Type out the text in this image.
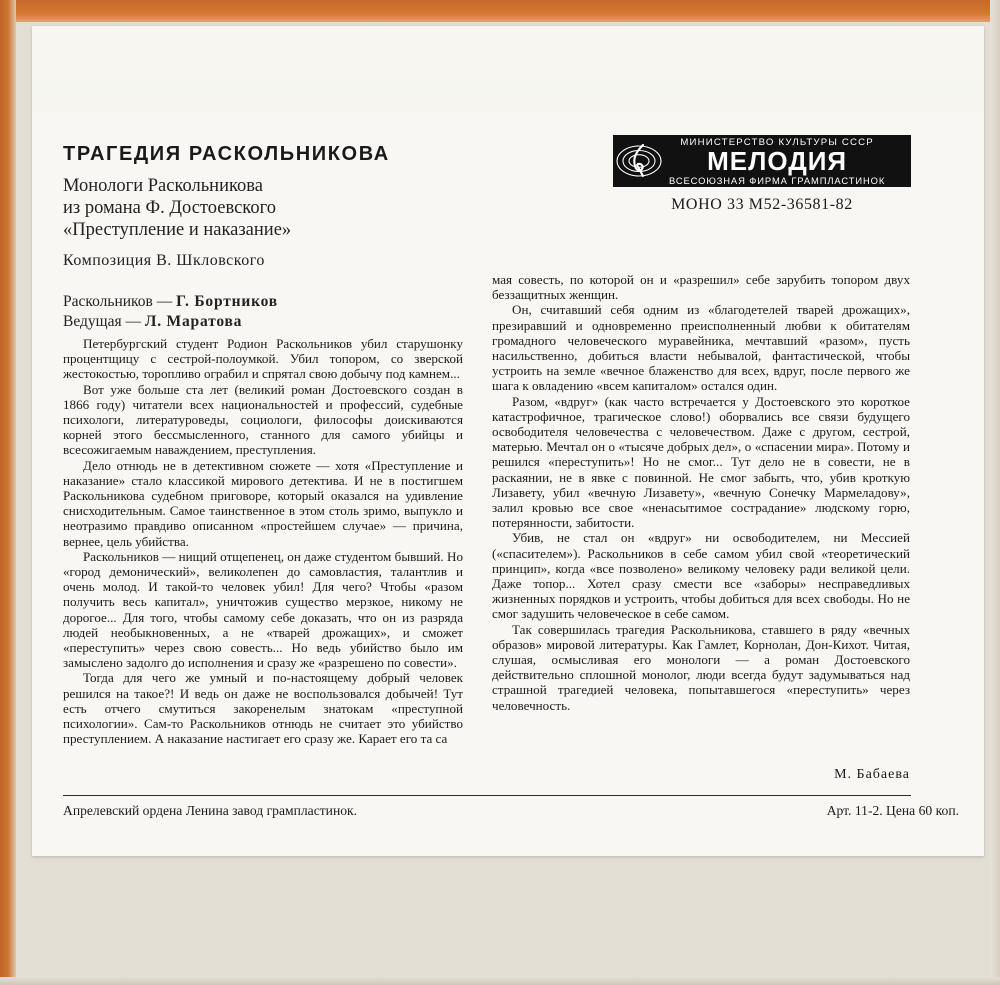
ТРАГЕДИЯ РАСКОЛЬНИКОВА
Монологи Раскольникова
из романа Ф. Достоевского
«Преступление и наказание»
Композиция В. Шкловского
Раскольников — Г. Бортников
Ведущая — Л. Маратова
МИНИСТЕРСТВО КУЛЬТУРЫ СССР
МЕЛОДИЯ
ВСЕСОЮЗНАЯ ФИРМА ГРАМПЛАСТИНОК
МОНО 33 М52-36581-82

Петербургский студент Родион Раскольников убил старушонку процентщицу с сестрой-полоумкой. Убил топором, со зверской жестокостью, торопливо ограбил и спрятал свою добычу под камнем...

Вот уже больше ста лет (великий роман Достоевского создан в 1866 году) читатели всех национальностей и профессий, судебные психологи, литературоведы, социологи, философы доискиваются корней этого бессмысленного, станного для самого убийцы и всесожигаемым наваждением, преступления.

Дело отнюдь не в детективном сюжете — хотя «Преступление и наказание» стало классикой мирового детектива. И не в постигшем Раскольникова судебном приговоре, который оказался на удивление снисходительным. Самое таинственное в этом столь зримо, выпукло и неотразимо правдиво описанном «простейшем случае» — причина, вернее, цель убийства.

Раскольников — нищий отщепенец, он даже студентом бывший. Но «город демонический», великолепен до самовластия, талантлив и очень молод. И такой-то человек убил! Для чего? Чтобы «разом получить весь капитал», уничтожив существо мерзкое, никому не дорогое... Для того, чтобы самому себе доказать, что он из разряда людей необыкновенных, а не «тварей дрожащих», и сможет «переступить» через свою совесть... Но ведь убийство было им замыслено задолго до исполнения и сразу же «разрешено по совести».

Тогда для чего же умный и по-настоящему добрый человек решился на такое?! И ведь он даже не воспользовался добычей! Тут есть отчего смутиться закоренелым знатокам «преступной психологии». Сам-то Раскольников отнюдь не считает это убийство преступлением. А наказание настигает его сразу же. Карает его та са

мая совесть, по которой он и «разрешил» себе зарубить топором двух беззащитных женщин.

Он, считавший себя одним из «благодетелей тварей дрожащих», презиравший и одновременно преисполненный любви к обитателям громадного человеческого муравейника, мечтавший «разом», пусть насильственно, добиться власти небывалой, фантастической, чтобы устроить на земле «вечное блаженство для всех, вдруг, после первого же шага к овладению «всем капиталом» остался один.

Разом, «вдруг» (как часто встречается у Достоевского это короткое катастрофичное, трагическое слово!) оборвались все связи будущего освободителя человечества с человечеством. Даже с другом, сестрой, матерью. Мечтал он о «тысяче добрых дел», о «спасении мира». Потому и решился «переступить»! Но не смог... Тут дело не в совести, не в раскаянии, не в явке с повинной. Не смог забыть, что, убив кроткую Лизавету, убил «вечную Лизавету», «вечную Сонечку Мармеладову», залил кровью все свое «ненасытимое сострадание» людскому горю, потерянности, забитости.

Убив, не стал он «вдруг» ни освободителем, ни Мессией («спасителем»). Раскольников в себе самом убил свой «теоретический принцип», когда «все позволено» великому человеку ради великой цели. Даже топор... Хотел сразу смести все «заборы» несправедливых жизненных порядков и устроить, чтобы добиться для всех свободы. Но не смог задушить человеческое в себе самом.

Так совершилась трагедия Раскольникова, ставшего в ряду «вечных образов» мировой литературы. Как Гамлет, Корнолан, Дон-Кихот. Читая, слушая, осмысливая его монологи — а роман Достоевского действительно сплошной монолог, люди всегда будут задумываться над страшной трагедией человека, попытавшегося «переступить» через человечность.

М. Бабаева
Апрелевский ордена Ленина завод грампластинок.	Арт. 11-2. Цена 60 коп.
